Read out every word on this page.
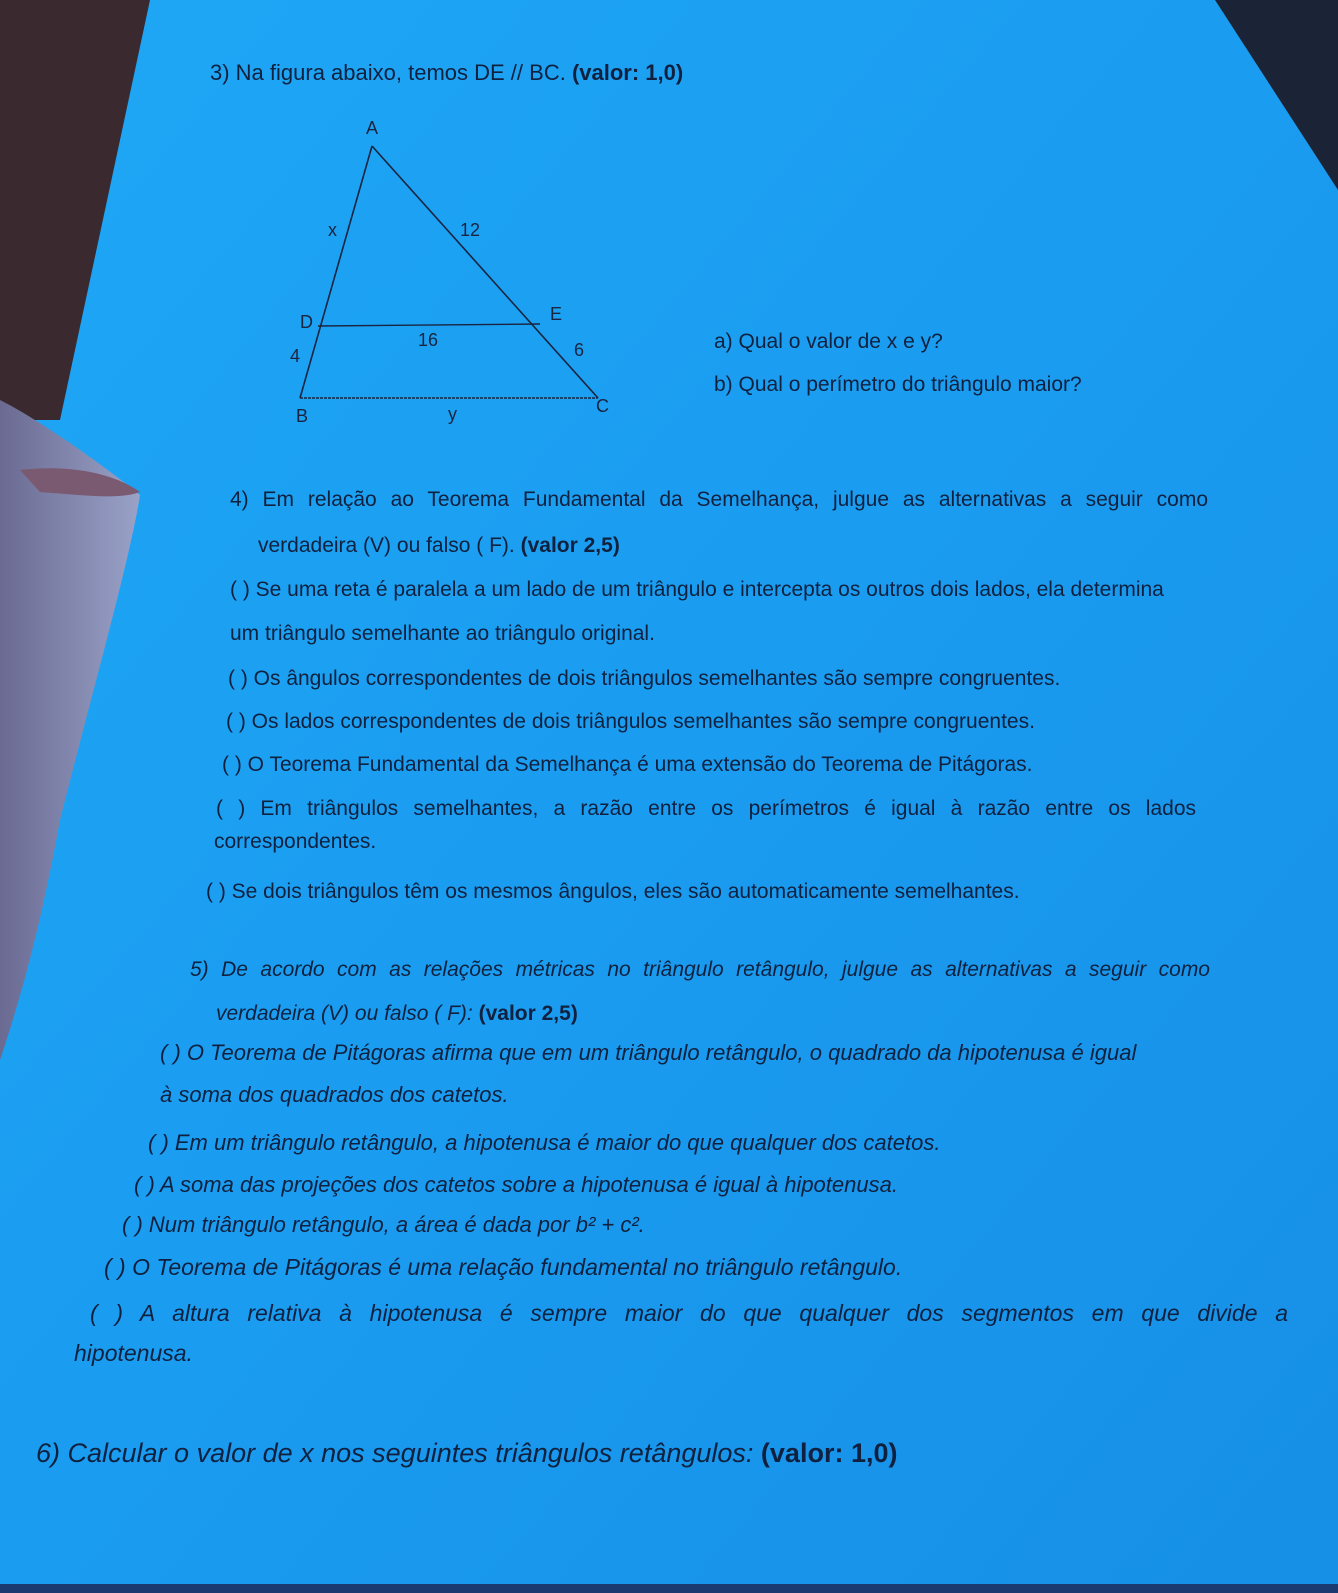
3) Na figura abaixo, temos DE // BC. (valor: 1,0)
A
B	C
D	E
x	12
16	6
4
y
a) Qual o valor de x e y?
b) Qual o perímetro do triângulo maior?
4) Em relação ao Teorema Fundamental da Semelhança, julgue as alternativas a seguir como
verdadeira (V) ou falso ( F). (valor 2,5)
( ) Se uma reta é paralela a um lado de um triângulo e intercepta os outros dois lados, ela determina
um triângulo semelhante ao triângulo original.
( ) Os ângulos correspondentes de dois triângulos semelhantes são sempre congruentes.
( ) Os lados correspondentes de dois triângulos semelhantes são sempre congruentes.
( ) O Teorema Fundamental da Semelhança é uma extensão do Teorema de Pitágoras.
( ) Em triângulos semelhantes, a razão entre os perímetros é igual à razão entre os lados
correspondentes.
( ) Se dois triângulos têm os mesmos ângulos, eles são automaticamente semelhantes.
5) De acordo com as relações métricas no triângulo retângulo, julgue as alternativas a seguir como
verdadeira (V) ou falso ( F): (valor 2,5)
( ) O Teorema de Pitágoras afirma que em um triângulo retângulo, o quadrado da hipotenusa é igual
à soma dos quadrados dos catetos.
( ) Em um triângulo retângulo, a hipotenusa é maior do que qualquer dos catetos.
( ) A soma das projeções dos catetos sobre a hipotenusa é igual à hipotenusa.
( ) Num triângulo retângulo, a área é dada por b² + c².
( ) O Teorema de Pitágoras é uma relação fundamental no triângulo retângulo.
( ) A altura relativa à hipotenusa é sempre maior do que qualquer dos segmentos em que divide a
hipotenusa.
6) Calcular o valor de x nos seguintes triângulos retângulos: (valor: 1,0)
